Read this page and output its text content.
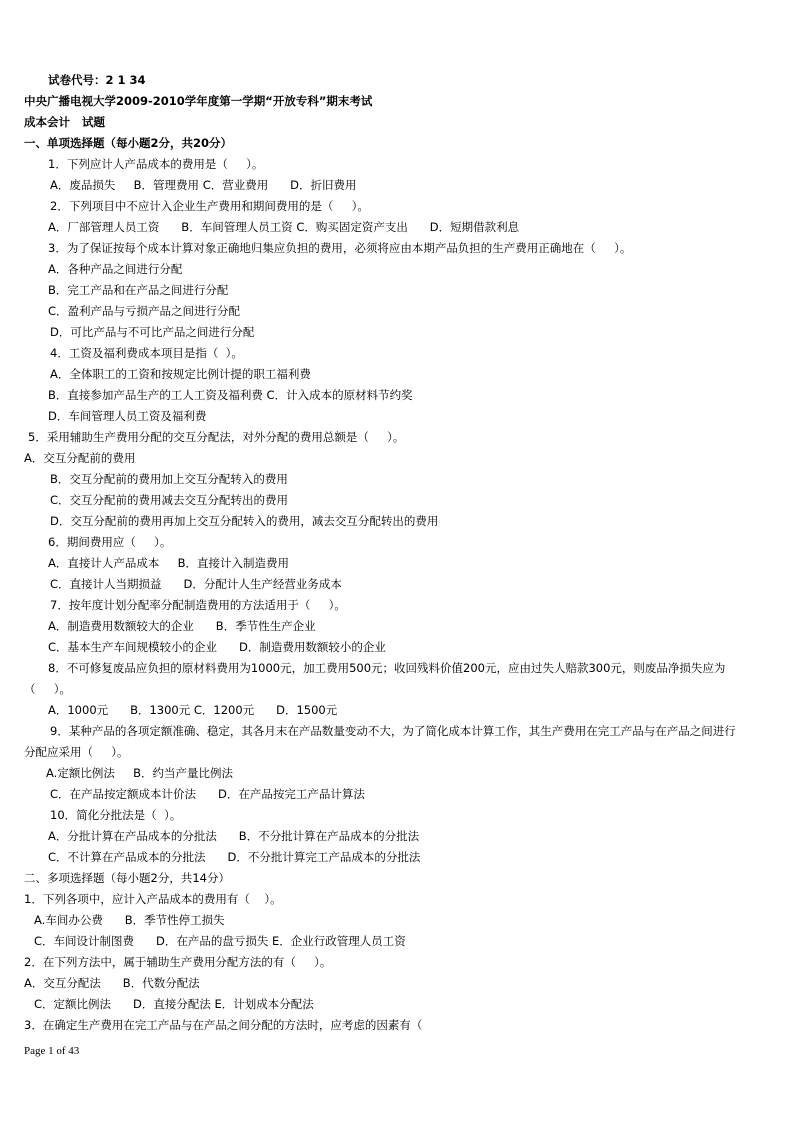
试卷代号：2 1 34
中央广播电视大学2009-2010学年度第一学期“开放专科”期末考试
成本会计   试题
一、单项选择题（每小题2分，共20分）
1．下列应计人产品成本的费用是（     ）。
A．废品损失     B．管理费用 C．营业费用      D．折旧费用
2．下列项目中不应计入企业生产费用和期间费用的是（     ）。
A．厂部管理人员工资      B．车间管理人员工资 C．购买固定资产支出      D．短期借款利息
3．为了保证按每个成本计算对象正确地归集应负担的费用，必须将应由本期产品负担的生产费用正确地在（     ）。
A．各种产品之间进行分配
B．完工产品和在产品之间进行分配
C．盈利产品与亏损产品之间进行分配
D．可比产品与不可比产品之间进行分配
4．工资及福利费成本项目是指（  ）。
A．全体职工的工资和按规定比例计提的职工福利费
B．直接参加产品生产的工人工资及福利费 C．计入成本的原材料节约奖
D．车间管理人员工资及福利费
5．采用辅助生产费用分配的交互分配法，对外分配的费用总额是（     ）。
A．交互分配前的费用
B．交互分配前的费用加上交互分配转入的费用
C．交互分配前的费用减去交互分配转出的费用
D．交互分配前的费用再加上交互分配转入的费用，减去交互分配转出的费用
6．期间费用应（     ）。
A．直接计人产品成本     B．直接计入制造费用
C．直接计人当期损益      D．分配计人生产经营业务成本
7．按年度计划分配率分配制造费用的方法适用于（     ）。
A．制造费用数额较大的企业      B．季节性生产企业
C．基本生产车间规模较小的企业      D．制造费用数额较小的企业
8．不可修复废品应负担的原材料费用为1000元，加工费用500元；收回残料价值200元，应由过失人赔款300元，则废品净损失应为
（     ）。
A．1000元      B．1300元 C．1200元      D．1500元
9．某种产品的各项定额准确、稳定，其各月末在产品数量变动不大，为了简化成本计算工作，其生产费用在完工产品与在产品之间进行
分配应采用（     ）。
A.定额比例法     B．约当产量比例法
C．在产品按定额成本计价法      D．在产品按完工产品计算法
10．简化分批法是（  ）。
A．分批计算在产品成本的分批法      B．不分批计算在产品成本的分批法
C．不计算在产品成本的分批法      D．不分批计算完工产品成本的分批法
二、多项选择题（每小题2分，共14分）
1．下列各项中，应计入产品成本的费用有（    ）。
A.车间办公费      B．季节性停工损失
C．车间设计制图费      D．在产品的盘亏损失 E．企业行政管理人员工资
2．在下列方法中，属于辅助生产费用分配方法的有（     ）。
A．交互分配法      B．代数分配法
C．定额比例法      D．直接分配法 E．计划成本分配法
3．在确定生产费用在完工产品与在产品之间分配的方法时，应考虑的因素有（
Page 1 of 43
